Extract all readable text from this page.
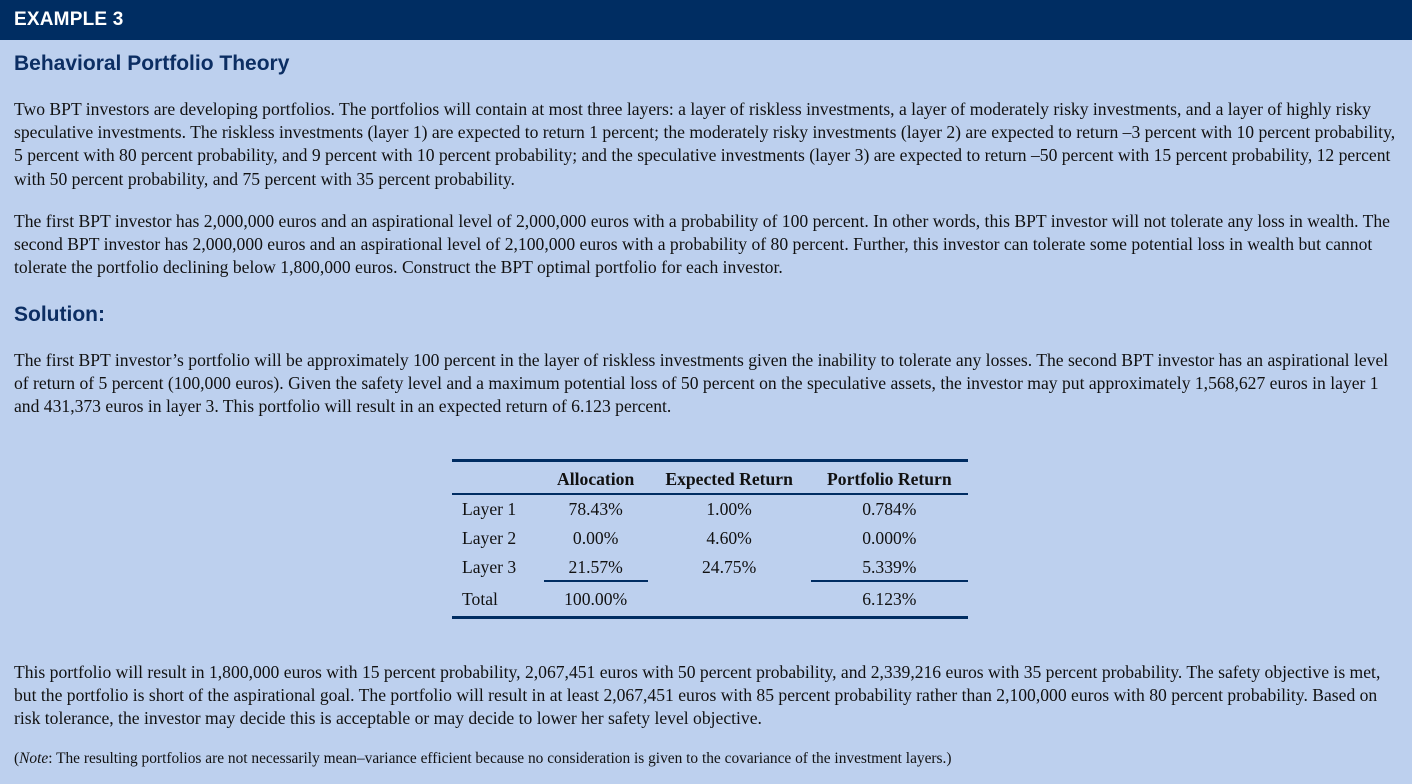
EXAMPLE 3
Behavioral Portfolio Theory

Two BPT investors are developing portfolios. The portfolios will contain at most three layers: a layer of riskless investments, a layer of moderately risky investments, and a layer of highly risky speculative investments. The riskless investments (layer 1) are expected to return 1 percent; the moderately risky investments (layer 2) are expected to return –3 percent with 10 percent probability, 5 percent with 80 percent probability, and 9 percent with 10 percent probability; and the speculative investments (layer 3) are expected to return –50 percent with 15 percent probability, 12 percent with 50 percent probability, and 75 percent with 35 percent probability.

The first BPT investor has 2,000,000 euros and an aspirational level of 2,000,000 euros with a probability of 100 percent. In other words, this BPT investor will not tolerate any loss in wealth. The second BPT investor has 2,000,000 euros and an aspirational level of 2,100,000 euros with a probability of 80 percent. Further, this investor can tolerate some potential loss in wealth but cannot tolerate the portfolio declining below 1,800,000 euros. Construct the BPT optimal portfolio for each investor.

Solution:

The first BPT investor’s portfolio will be approximately 100 percent in the layer of riskless investments given the inability to tolerate any losses. The second BPT investor has an aspirational level of return of 5 percent (100,000 euros). Given the safety level and a maximum potential loss of 50 percent on the speculative assets, the investor may put approximately 1,568,627 euros in layer 1 and 431,373 euros in layer 3. This portfolio will result in an expected return of 6.123 percent.

	Allocation	Expected Return	Portfolio Return
Layer 1	78.43%	1.00%	0.784%
Layer 2	0.00%	4.60%	0.000%
Layer 3	21.57%	24.75%	5.339%
Total	100.00%		6.123%

This portfolio will result in 1,800,000 euros with 15 percent probability, 2,067,451 euros with 50 percent probability, and 2,339,216 euros with 35 percent probability. The safety objective is met, but the portfolio is short of the aspirational goal. The portfolio will result in at least 2,067,451 euros with 85 percent probability rather than 2,100,000 euros with 80 percent probability. Based on risk tolerance, the investor may decide this is acceptable or may decide to lower her safety level objective.

(Note: The resulting portfolios are not necessarily mean–variance efficient because no consideration is given to the covariance of the investment layers.)
